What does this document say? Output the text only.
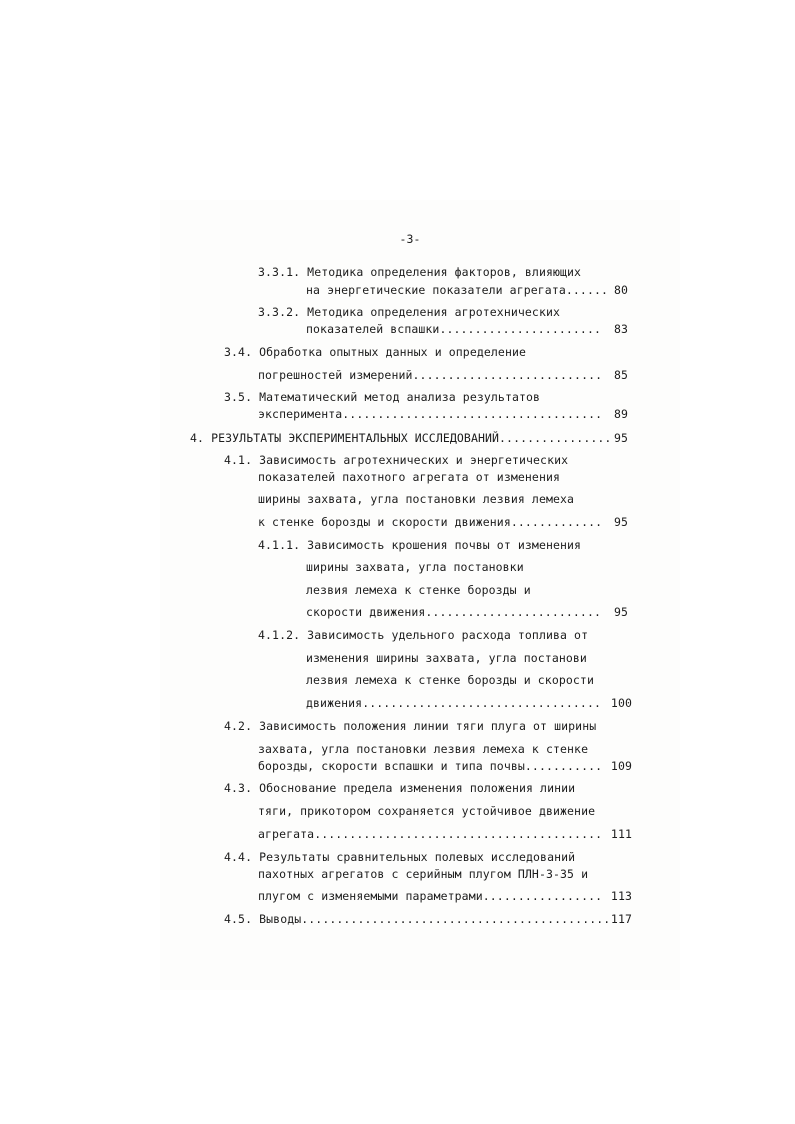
-3-
3.3.1. Методика определения факторов, влияющих
на энергетические показатели агрегата...... 80
3.3.2. Методика определения агротехнических
показателей вспашки.......................	83
3.4. Обработка опытных данных и определение
погрешностей измерений...........................	85
3.5. Математический метод анализа результатов
эксперимента.....................................	89
4. РЕЗУЛЬТАТЫ ЭКСПЕРИМЕНТАЛЬНЫХ ИССЛЕДОВАНИЙ................ 95
4.1. Зависимость агротехнических и энергетических
показателей пахотного агрегата от изменения
ширины захвата, угла постановки лезвия лемеха
к стенке борозды и скорости движения.............	95
4.1.1. Зависимость крошения почвы от изменения
ширины захвата, угла постановки
лезвия лемеха к стенке борозды и
скорости движения.........................	95
4.1.2. Зависимость удельного расхода топлива от
изменения ширины захвата, угла постанови
лезвия лемеха к стенке борозды и скорости
движения.................................. 100
4.2. Зависимость положения линии тяги плуга от ширины
захвата, угла постановки лезвия лемеха к стенке
борозды, скорости вспашки и типа почвы........... 109
4.3. Обоснование предела изменения положения линии
тяги, прикотором сохраняется устойчивое движение
агрегата......................................... 111
4.4. Результаты сравнительных полевых исследований
пахотных агрегатов с серийным плугом ПЛН-3-35 и
плугом с изменяемыми параметрами................. 113
4.5. Выводы............................................ 117
